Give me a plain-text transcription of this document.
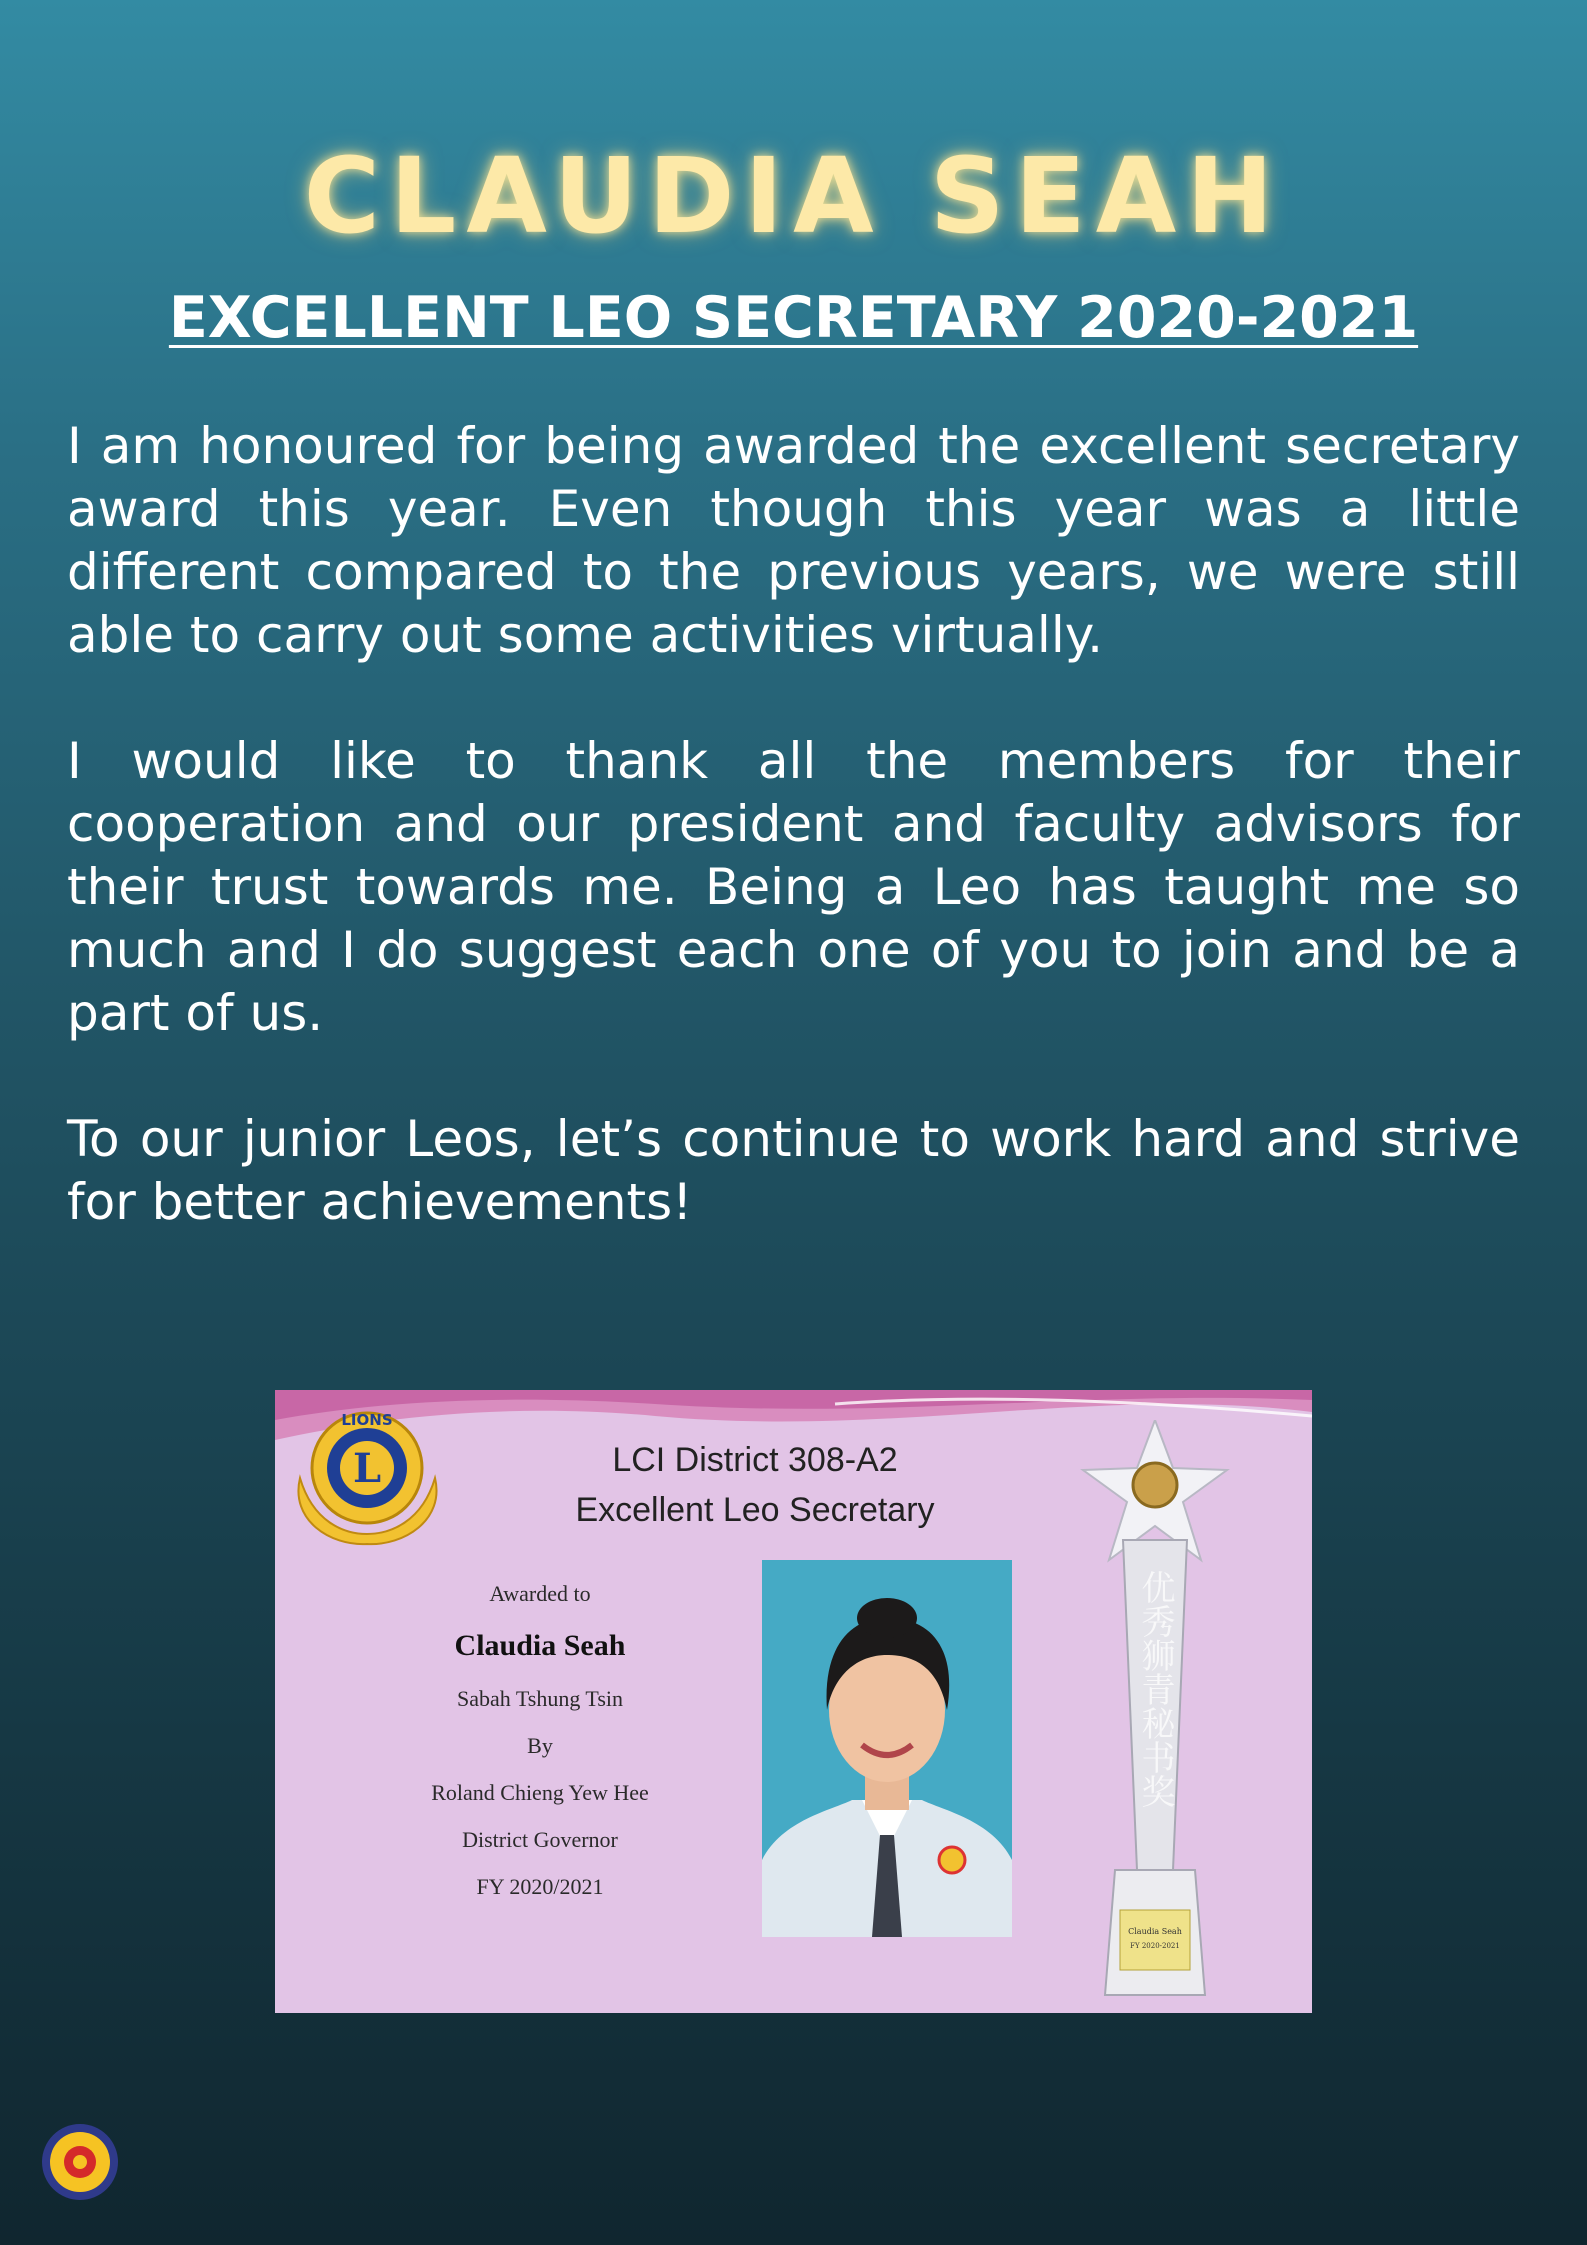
CLAUDIA SEAH
EXCELLENT LEO SECRETARY 2020-2021

I am honoured for being awarded the excellent secretary award this year. Even though this year was a little different compared to the previous years, we were still able to carry out some activities virtually.

I would like to thank all the members for their cooperation and our president and faculty advisors for their trust towards me. Being a Leo has taught me so much and I do suggest each one of you to join and be a part of us.

To our junior Leos, let’s continue to work hard and strive for better achievements!

L
LIONS
LCI District 308-A2
Excellent Leo Secretary
Awarded to
Claudia Seah
Sabah Tshung Tsin
By
Roland Chieng Yew Hee
District Governor
FY 2020/2021
优秀狮青秘书奖
Claudia Seah
FY 2020-2021
